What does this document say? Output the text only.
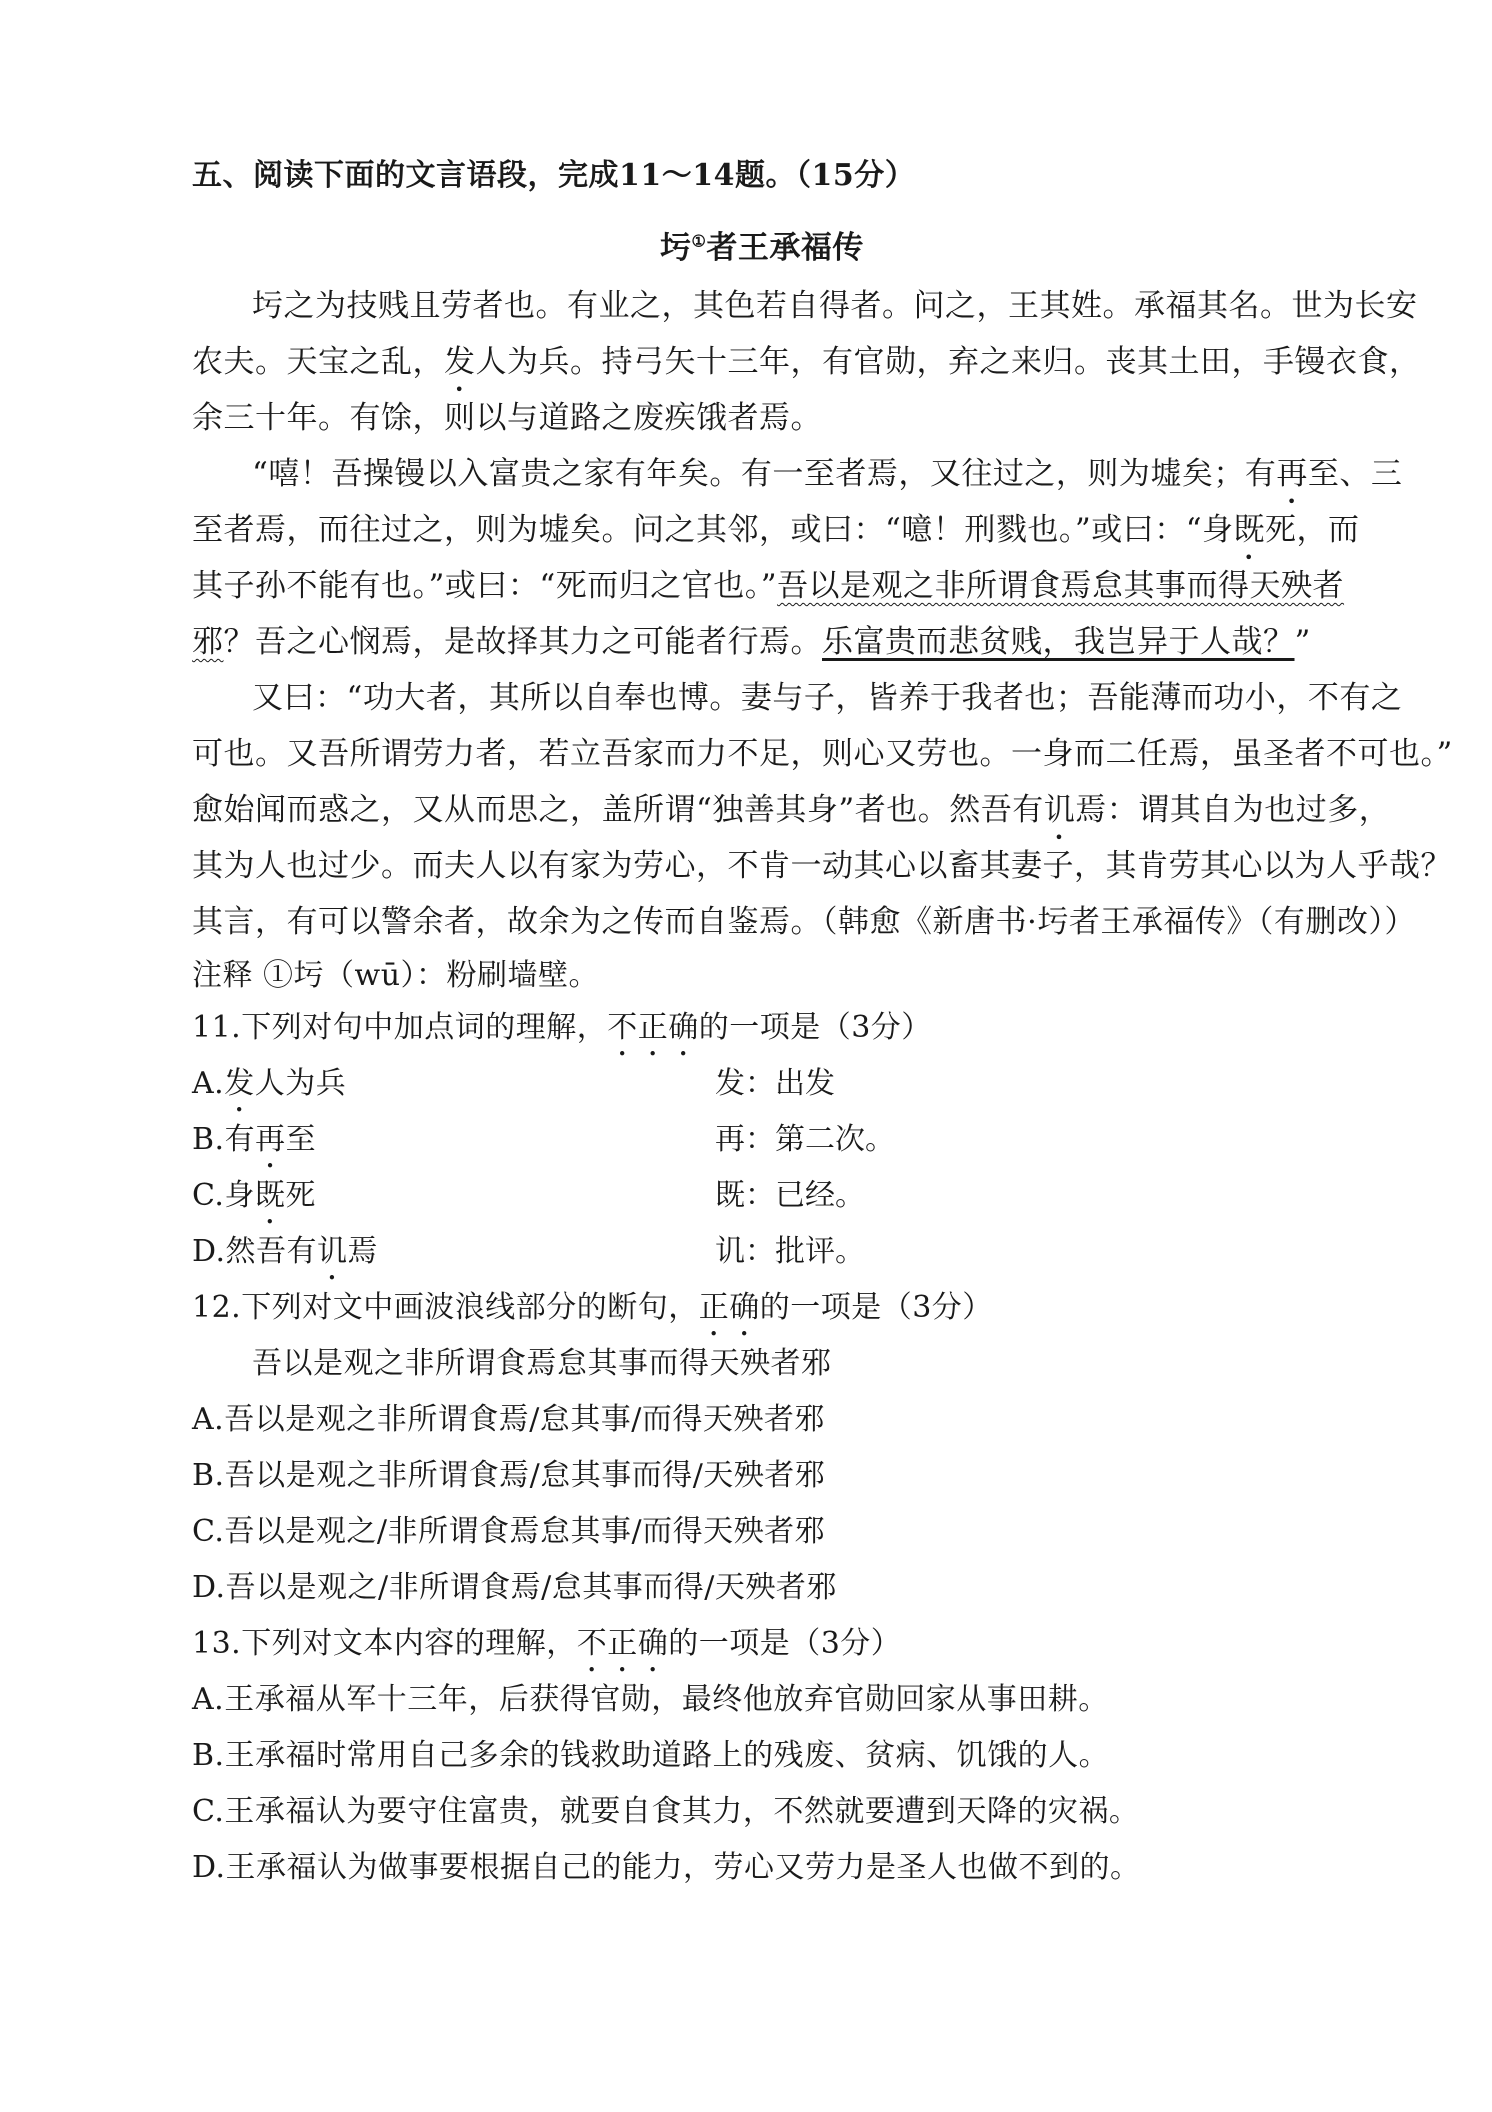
五、阅读下面的文言语段，完成11～14题。（15分）
圬①者王承福传
圬之为技贱且劳者也。有业之，其色若自得者。问之，王其姓。承福其名。世为长安
农夫。天宝之乱，发人为兵。持弓矢十三年，有官勋，弃之来归。丧其土田，手镘衣食，
余三十年。有馀，则以与道路之废疾饿者焉。
“嘻！吾操镘以入富贵之家有年矣。有一至者焉，又往过之，则为墟矣；有再至、三
至者焉，而往过之，则为墟矣。问之其邻，或曰：“噫！刑戮也。”或曰：“身既死，而
其子孙不能有也。”或曰：“死而归之官也。”吾以是观之非所谓食焉怠其事而得天殃者
邪？吾之心悯焉，是故择其力之可能者行焉。乐富贵而悲贫贱，我岂异于人哉？”
又曰：“功大者，其所以自奉也博。妻与子，皆养于我者也；吾能薄而功小，不有之
可也。又吾所谓劳力者，若立吾家而力不足，则心又劳也。一身而二任焉，虽圣者不可也。”
愈始闻而惑之，又从而思之，盖所谓“独善其身”者也。然吾有讥焉：谓其自为也过多，
其为人也过少。而夫人以有家为劳心，不肯一动其心以畜其妻子，其肯劳其心以为人乎哉？
其言，有可以警余者，故余为之传而自鉴焉。（韩愈《新唐书·圬者王承福传》（有删改））
注释 ①圬（wū）：粉刷墙壁。
11.下列对句中加点词的理解，不正确的一项是（3分）
A.发人为兵	发：出发
B.有再至	再：第二次。
C.身既死	既：已经。
D.然吾有讥焉	讥：批评。
12.下列对文中画波浪线部分的断句，正确的一项是（3分）
吾以是观之非所谓食焉怠其事而得天殃者邪
A.吾以是观之非所谓食焉/怠其事/而得天殃者邪
B.吾以是观之非所谓食焉/怠其事而得/天殃者邪
C.吾以是观之/非所谓食焉怠其事/而得天殃者邪
D.吾以是观之/非所谓食焉/怠其事而得/天殃者邪
13.下列对文本内容的理解，不正确的一项是（3分）
A.王承福从军十三年，后获得官勋，最终他放弃官勋回家从事田耕。
B.王承福时常用自己多余的钱救助道路上的残废、贫病、饥饿的人。
C.王承福认为要守住富贵，就要自食其力，不然就要遭到天降的灾祸。
D.王承福认为做事要根据自己的能力，劳心又劳力是圣人也做不到的。
